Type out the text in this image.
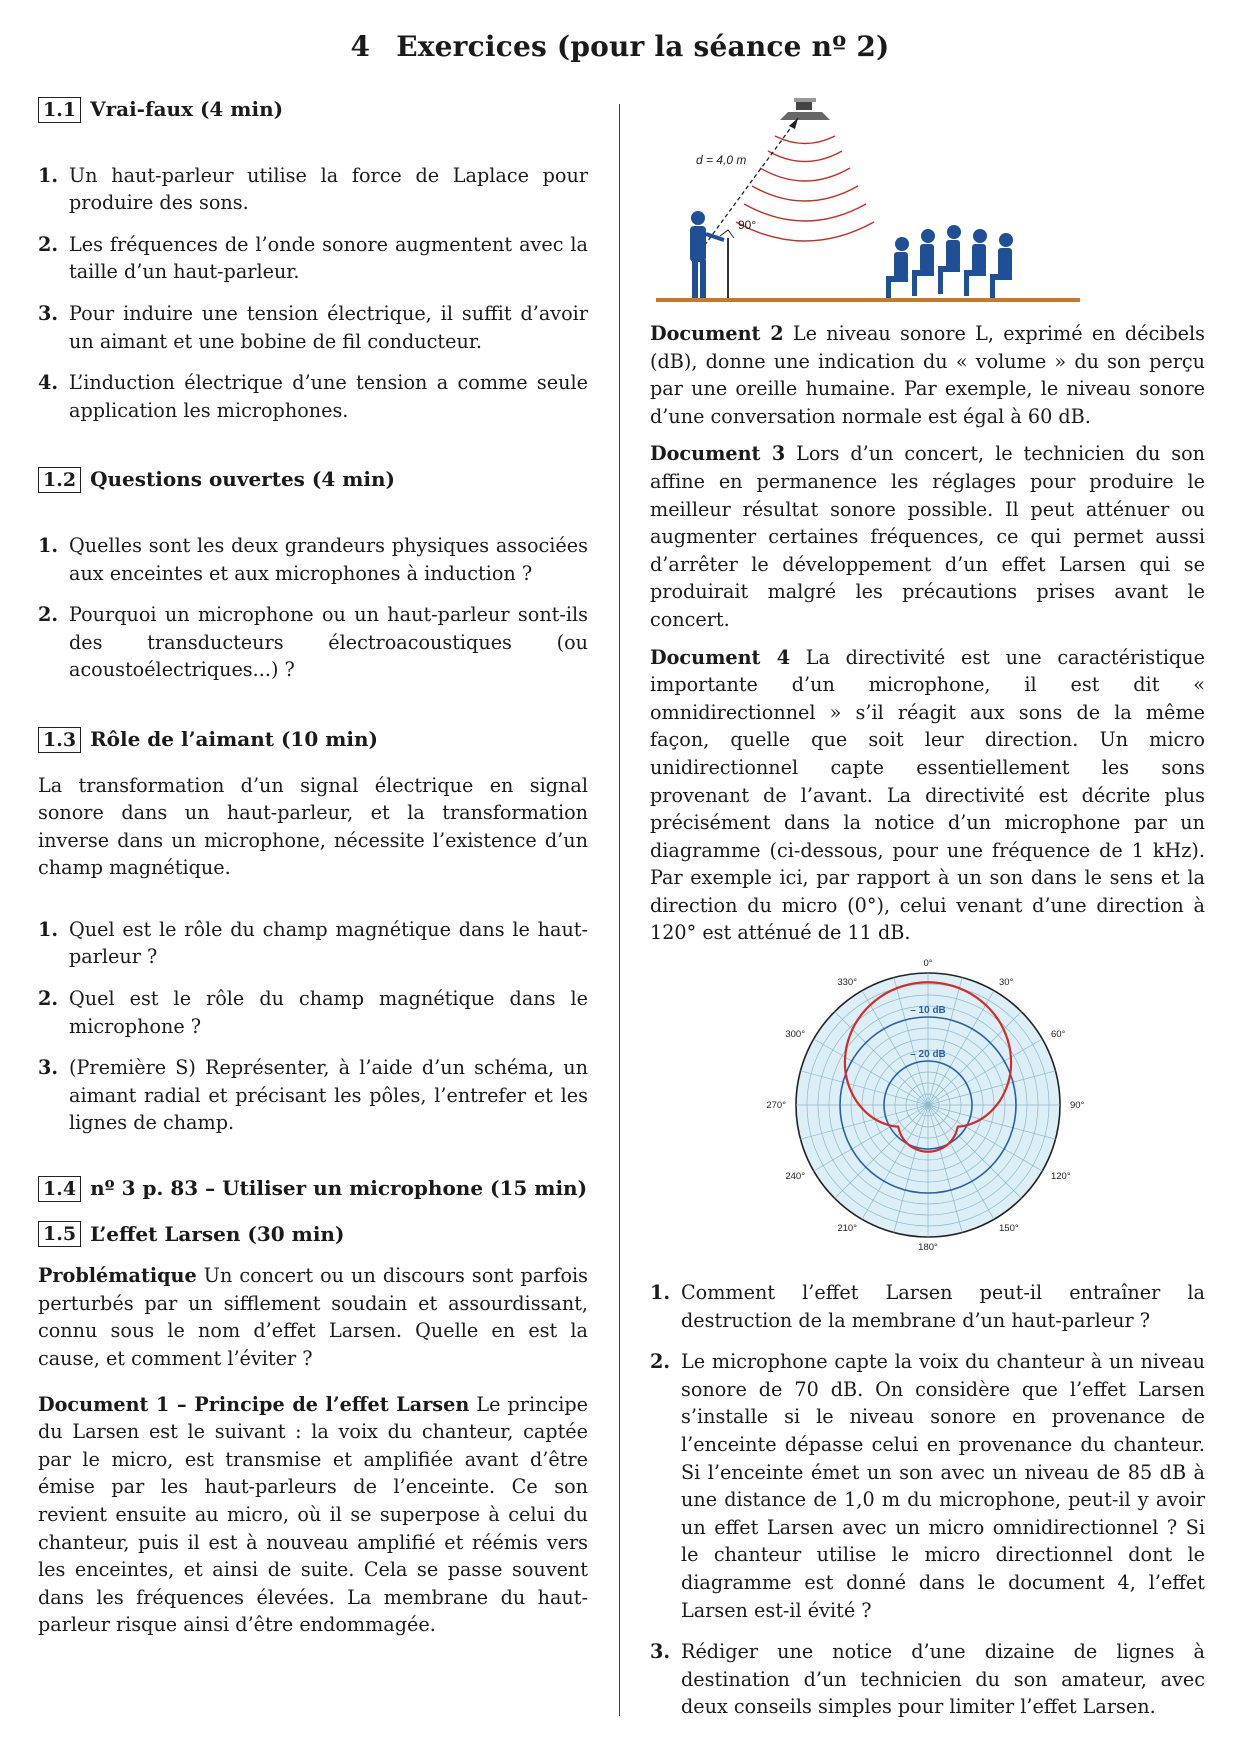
4 Exercices (pour la séance nº 2)
1.1 Vrai-faux (4 min)
1. Un haut-parleur utilise la force de Laplace pour produire des sons.
2. Les fréquences de l’onde sonore augmentent avec la taille d’un haut-parleur.
3. Pour induire une tension électrique, il suffit d’avoir un aimant et une bobine de fil conducteur.
4. L’induction électrique d’une tension a comme seule application les microphones.
1.2 Questions ouvertes (4 min)
1. Quelles sont les deux grandeurs physiques associées aux enceintes et aux microphones à induction ?
2. Pourquoi un microphone ou un haut-parleur sont-ils des transducteurs électroacoustiques (ou acoustoélectriques...) ?
1.3 Rôle de l’aimant (10 min)

La transformation d’un signal électrique en signal sonore dans un haut-parleur, et la transformation inverse dans un microphone, nécessite l’existence d’un champ magnétique.

1. Quel est le rôle du champ magnétique dans le haut-parleur ?
2. Quel est le rôle du champ magnétique dans le microphone ?
3. (Première S) Représenter, à l’aide d’un schéma, un aimant radial et précisant les pôles, l’entrefer et les lignes de champ.
1.4 nº 3 p. 83 – Utiliser un microphone (15 min)
1.5 L’effet Larsen (30 min)

Problématique Un concert ou un discours sont parfois perturbés par un sifflement soudain et assourdissant, connu sous le nom d’effet Larsen. Quelle en est la cause, et comment l’éviter ?

Document 1 – Principe de l’effet Larsen Le principe du Larsen est le suivant : la voix du chanteur, captée par le micro, est transmise et amplifiée avant d’être émise par les haut-parleurs de l’enceinte. Ce son revient ensuite au micro, où il se superpose à celui du chanteur, puis il est à nouveau amplifié et réémis vers les enceintes, et ainsi de suite. Cela se passe souvent dans les fréquences élevées. La membrane du haut-parleur risque ainsi d’être endommagée.

d = 4,0 m
90°

Document 2 Le niveau sonore L, exprimé en décibels (dB), donne une indication du « volume » du son perçu par une oreille humaine. Par exemple, le niveau sonore d’une conversation normale est égal à 60 dB.

Document 3 Lors d’un concert, le technicien du son affine en permanence les réglages pour produire le meilleur résultat sonore possible. Il peut atténuer ou augmenter certaines fréquences, ce qui permet aussi d’arrêter le développement d’un effet Larsen qui se produirait malgré les précautions prises avant le concert.

Document 4 La directivité est une caractéristique importante d’un microphone, il est dit « omnidirectionnel » s’il réagit aux sons de la même façon, quelle que soit leur direction. Un micro unidirectionnel capte essentiellement les sons provenant de l’avant. La directivité est décrite plus précisément dans la notice d’un microphone par un diagramme (ci-dessous, pour une fréquence de 1 kHz). Par exemple ici, par rapport à un son dans le sens et la direction du micro (0°), celui venant d’une direction à 120° est atténué de 11 dB.

– 10 dB
– 20 dB
0°
30°
60°
90°
120°
150°
180°
210°
240°
270°
300°
330°
1. Comment l’effet Larsen peut-il entraîner la destruction de la membrane d’un haut-parleur ?
2. Le microphone capte la voix du chanteur à un niveau sonore de 70 dB. On considère que l’effet Larsen s’installe si le niveau sonore en provenance de l’enceinte dépasse celui en provenance du chanteur. Si l’enceinte émet un son avec un niveau de 85 dB à une distance de 1,0 m du microphone, peut-il y avoir un effet Larsen avec un micro omnidirectionnel ? Si le chanteur utilise le micro directionnel dont le diagramme est donné dans le document 4, l’effet Larsen est-il évité ?
3. Rédiger une notice d’une dizaine de lignes à destination d’un technicien du son amateur, avec deux conseils simples pour limiter l’effet Larsen.
